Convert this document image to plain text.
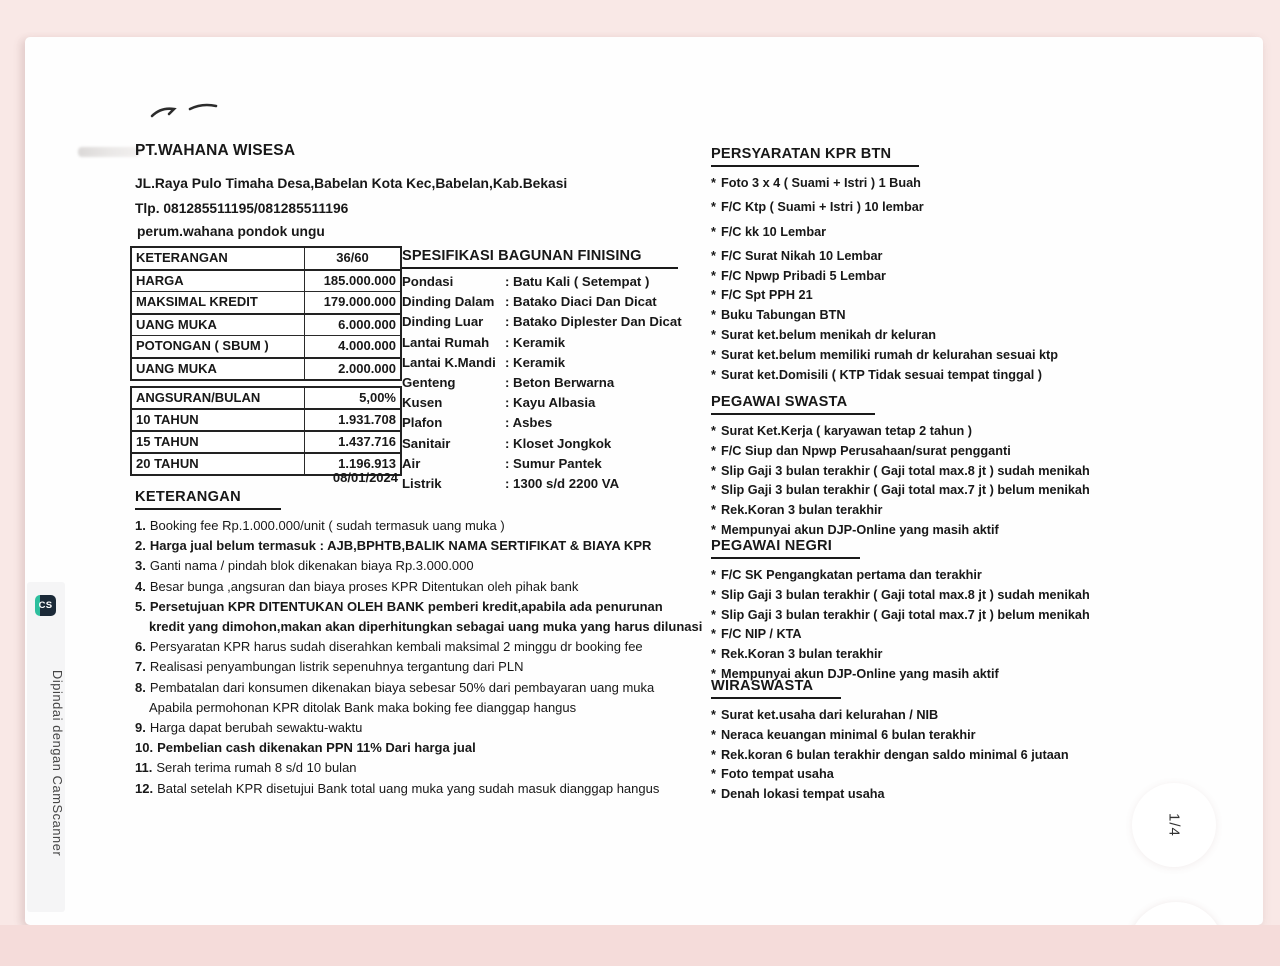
PT.WAHANA WISESA
JL.Raya Pulo Timaha Desa,Babelan Kota Kec,Babelan,Kab.Bekasi
Tlp. 081285511195/081285511196
perum.wahana pondok ungu
KETERANGAN	36/60
HARGA	185.000.000
MAKSIMAL KREDIT	179.000.000
UANG MUKA	6.000.000
POTONGAN ( SBUM )	4.000.000
UANG MUKA	2.000.000
ANGSURAN/BULAN	5,00%
10 TAHUN	1.931.708
15 TAHUN	1.437.716
20 TAHUN	1.196.913
08/01/2024
SPESIFIKASI BAGUNAN FINISING
Pondasi	: Batu Kali ( Setempat )
Dinding Dalam : Batako Diaci Dan Dicat
Dinding Luar	: Batako Diplester Dan Dicat
Lantai Rumah	: Keramik
Lantai K.Mandi : Keramik
Genteng	: Beton Berwarna
Kusen	: Kayu Albasia
Plafon	: Asbes
Sanitair	: Kloset Jongkok
Air	: Sumur Pantek
Listrik	: 1300 s/d 2200 VA
KETERANGAN
1. Booking fee Rp.1.000.000/unit ( sudah termasuk uang muka )
2. Harga jual belum termasuk : AJB,BPHTB,BALIK NAMA SERTIFIKAT & BIAYA KPR
3. Ganti nama / pindah blok dikenakan biaya Rp.3.000.000
4. Besar bunga ,angsuran dan biaya proses KPR Ditentukan oleh pihak bank
5. Persetujuan KPR DITENTUKAN OLEH BANK pemberi kredit,apabila ada penurunan
kredit yang dimohon,makan akan diperhitungkan sebagai uang muka yang harus dilunasi
6. Persyaratan KPR harus sudah diserahkan kembali maksimal 2 minggu dr booking fee
7. Realisasi penyambungan listrik sepenuhnya tergantung dari PLN
8. Pembatalan dari konsumen dikenakan biaya sebesar 50% dari pembayaran uang muka
Apabila permohonan KPR ditolak Bank maka boking fee dianggap hangus
9. Harga dapat berubah sewaktu-waktu
10. Pembelian cash dikenakan PPN 11% Dari harga jual
11. Serah terima rumah 8 s/d 10 bulan
12. Batal setelah KPR disetujui Bank total uang muka yang sudah masuk dianggap hangus
PERSYARATAN KPR BTN
* Foto 3 x 4 ( Suami + Istri ) 1 Buah
* F/C Ktp ( Suami + Istri ) 10 lembar
* F/C kk 10 Lembar
* F/C Surat Nikah 10 Lembar
* F/C Npwp Pribadi 5 Lembar
* F/C Spt PPH 21
* Buku Tabungan BTN
* Surat ket.belum menikah dr keluran
* Surat ket.belum memiliki rumah dr kelurahan sesuai ktp
* Surat ket.Domisili ( KTP Tidak sesuai tempat tinggal )
PEGAWAI SWASTA
* Surat Ket.Kerja ( karyawan tetap 2 tahun )
* F/C Siup dan Npwp Perusahaan/surat pengganti
* Slip Gaji 3 bulan terakhir ( Gaji total max.8 jt ) sudah menikah
* Slip Gaji 3 bulan terakhir ( Gaji total max.7 jt ) belum menikah
* Rek.Koran 3 bulan terakhir
* Mempunyai akun DJP-Online yang masih aktif
PEGAWAI NEGRI
* F/C SK Pengangkatan pertama dan terakhir
* Slip Gaji 3 bulan terakhir ( Gaji total max.8 jt ) sudah menikah
* Slip Gaji 3 bulan terakhir ( Gaji total max.7 jt ) belum menikah
* F/C NIP / KTA
* Rek.Koran 3 bulan terakhir
* Mempunyai akun DJP-Online yang masih aktif
WIRASWASTA
* Surat ket.usaha dari kelurahan / NIB
* Neraca keuangan minimal 6 bulan terakhir
* Rek.koran 6 bulan terakhir dengan saldo minimal 6 jutaan
* Foto tempat usaha
* Denah lokasi tempat usaha
CS
Dipindai dengan CamScanner	1/4
